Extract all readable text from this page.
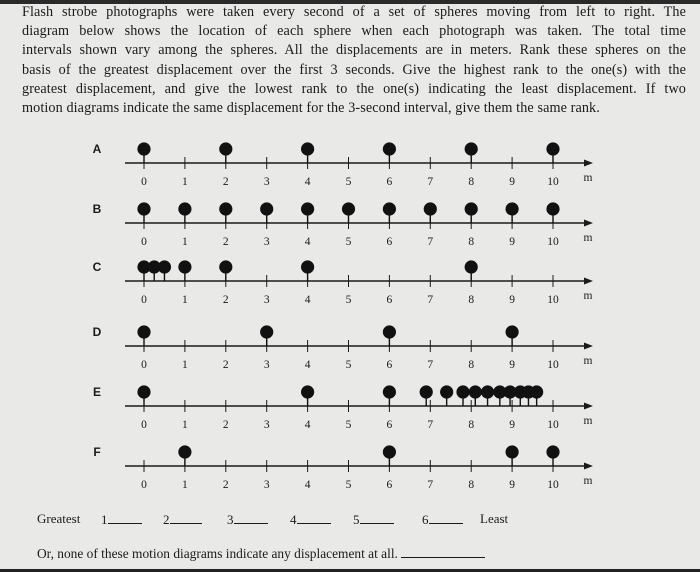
Flash strobe photographs were taken every second of a set of spheres moving from left to right. The
diagram below shows the location of each sphere when each photograph was taken. The total time
intervals shown vary among the spheres. All the displacements are in meters. Rank these spheres on the
basis of the greatest displacement over the first 3 seconds. Give the highest rank to the one(s) with the
greatest displacement, and give the lowest rank to the one(s) indicating the least displacement. If two
motion diagrams indicate the same displacement for the 3-second interval, give them the same rank.
A
0	1	2	3	4	5	6	7	8	9	10 m
B
0	1	2	3	4	5	6	7	8	9	10 m
C
0	1	2	3	4	5	6	7	8	9	10 m
D
0	1	2	3	4	5	6	7	8	9	10 m
E
0	1	2	3	4	5	6	7	8	9	10 m
F
0	1	2	3	4	5	6	7	8	9	10 m
Greatest 1	2	3	4	5	6	Least
Or, none of these motion diagrams indicate any displacement at all.
